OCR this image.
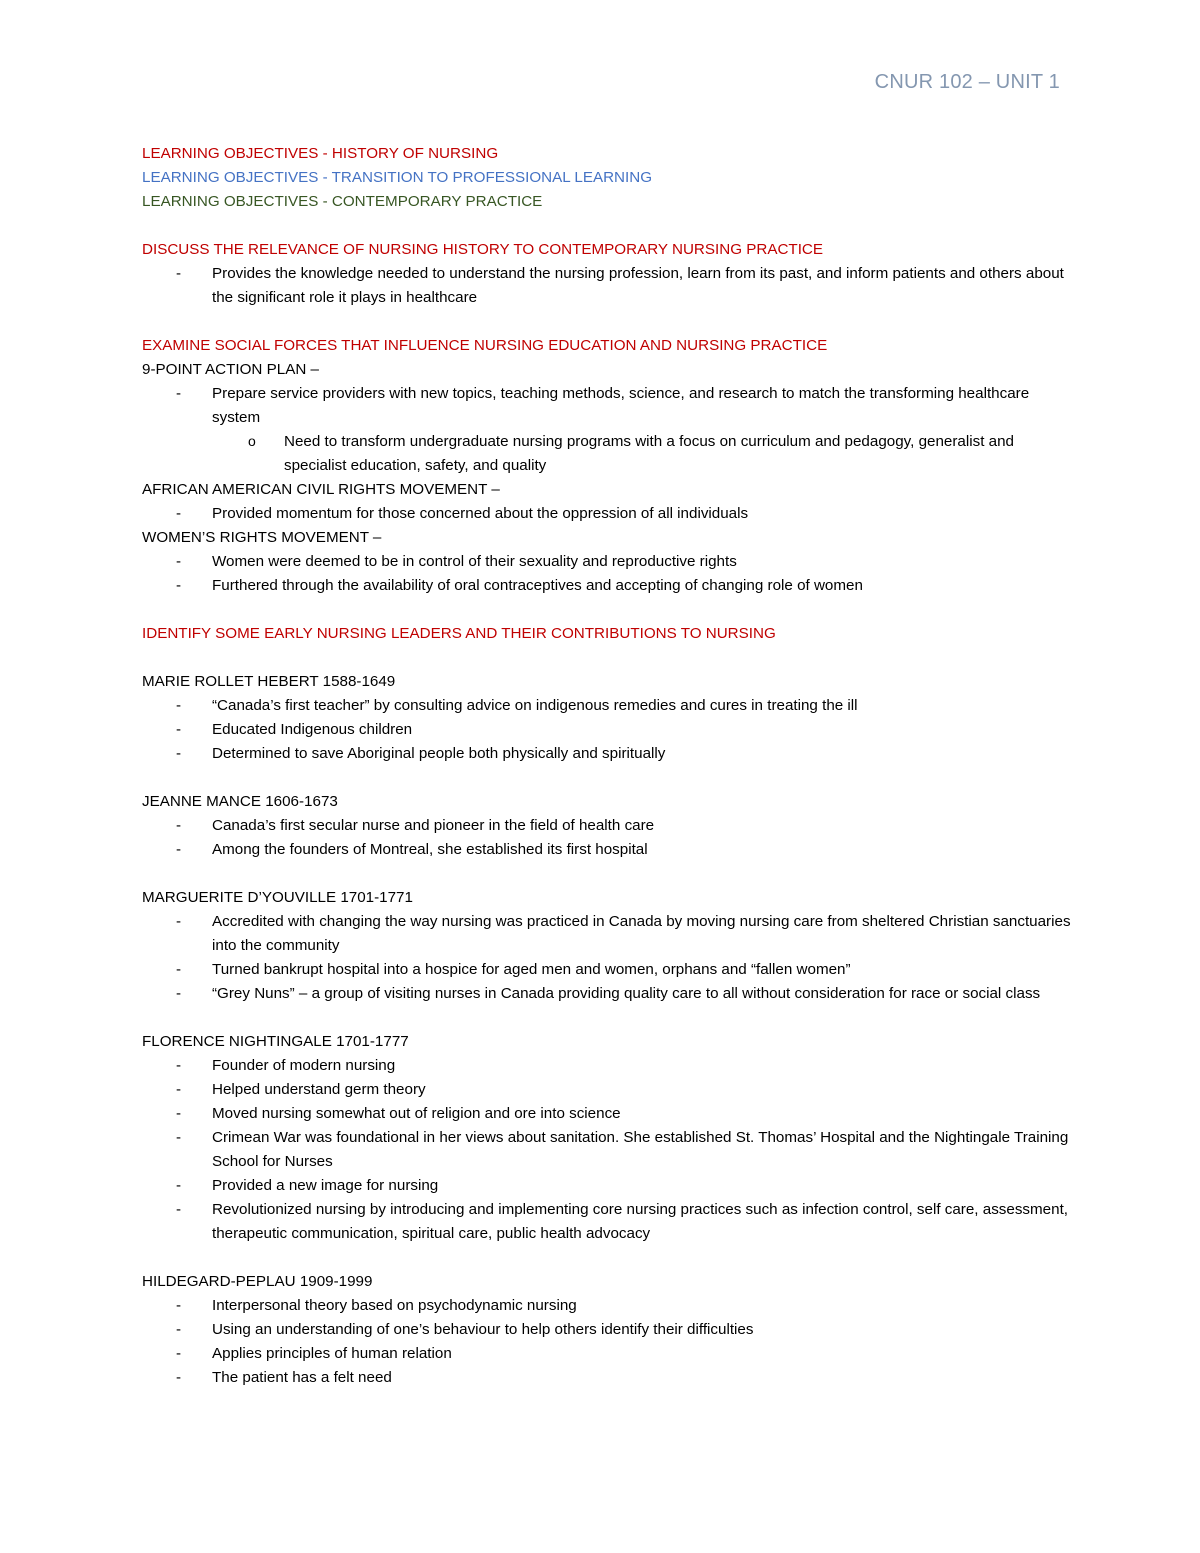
CNUR 102 – UNIT 1

LEARNING OBJECTIVES - HISTORY OF NURSING

LEARNING OBJECTIVES - TRANSITION TO PROFESSIONAL LEARNING

LEARNING OBJECTIVES - CONTEMPORARY PRACTICE

DISCUSS THE RELEVANCE OF NURSING HISTORY TO CONTEMPORARY NURSING PRACTICE

- Provides the knowledge needed to understand the nursing profession, learn from its past, and inform patients and others about the significant role it plays in healthcare

EXAMINE SOCIAL FORCES THAT INFLUENCE NURSING EDUCATION AND NURSING PRACTICE

9-POINT ACTION PLAN –

- Prepare service providers with new topics, teaching methods, science, and research to match the transforming healthcare system
o Need to transform undergraduate nursing programs with a focus on curriculum and pedagogy, generalist and specialist education, safety, and quality

AFRICAN AMERICAN CIVIL RIGHTS MOVEMENT –

- Provided momentum for those concerned about the oppression of all individuals

WOMEN’S RIGHTS MOVEMENT –

- Women were deemed to be in control of their sexuality and reproductive rights
- Furthered through the availability of oral contraceptives and accepting of changing role of women

IDENTIFY SOME EARLY NURSING LEADERS AND THEIR CONTRIBUTIONS TO NURSING

MARIE ROLLET HEBERT 1588-1649

- “Canada’s first teacher” by consulting advice on indigenous remedies and cures in treating the ill
- Educated Indigenous children
- Determined to save Aboriginal people both physically and spiritually

JEANNE MANCE 1606-1673

- Canada’s first secular nurse and pioneer in the field of health care
- Among the founders of Montreal, she established its first hospital

MARGUERITE D’YOUVILLE 1701-1771

- Accredited with changing the way nursing was practiced in Canada by moving nursing care from sheltered Christian sanctuaries into the community
- Turned bankrupt hospital into a hospice for aged men and women, orphans and “fallen women”
- “Grey Nuns” – a group of visiting nurses in Canada providing quality care to all without consideration for race or social class

FLORENCE NIGHTINGALE 1701-1777

- Founder of modern nursing
- Helped understand germ theory
- Moved nursing somewhat out of religion and ore into science
- Crimean War was foundational in her views about sanitation. She established St. Thomas’ Hospital and the Nightingale Training School for Nurses
- Provided a new image for nursing
- Revolutionized nursing by introducing and implementing core nursing practices such as infection control, self care, assessment, therapeutic communication, spiritual care, public health advocacy

HILDEGARD-PEPLAU 1909-1999

- Interpersonal theory based on psychodynamic nursing
- Using an understanding of one’s behaviour to help others identify their difficulties
- Applies principles of human relation
- The patient has a felt need
